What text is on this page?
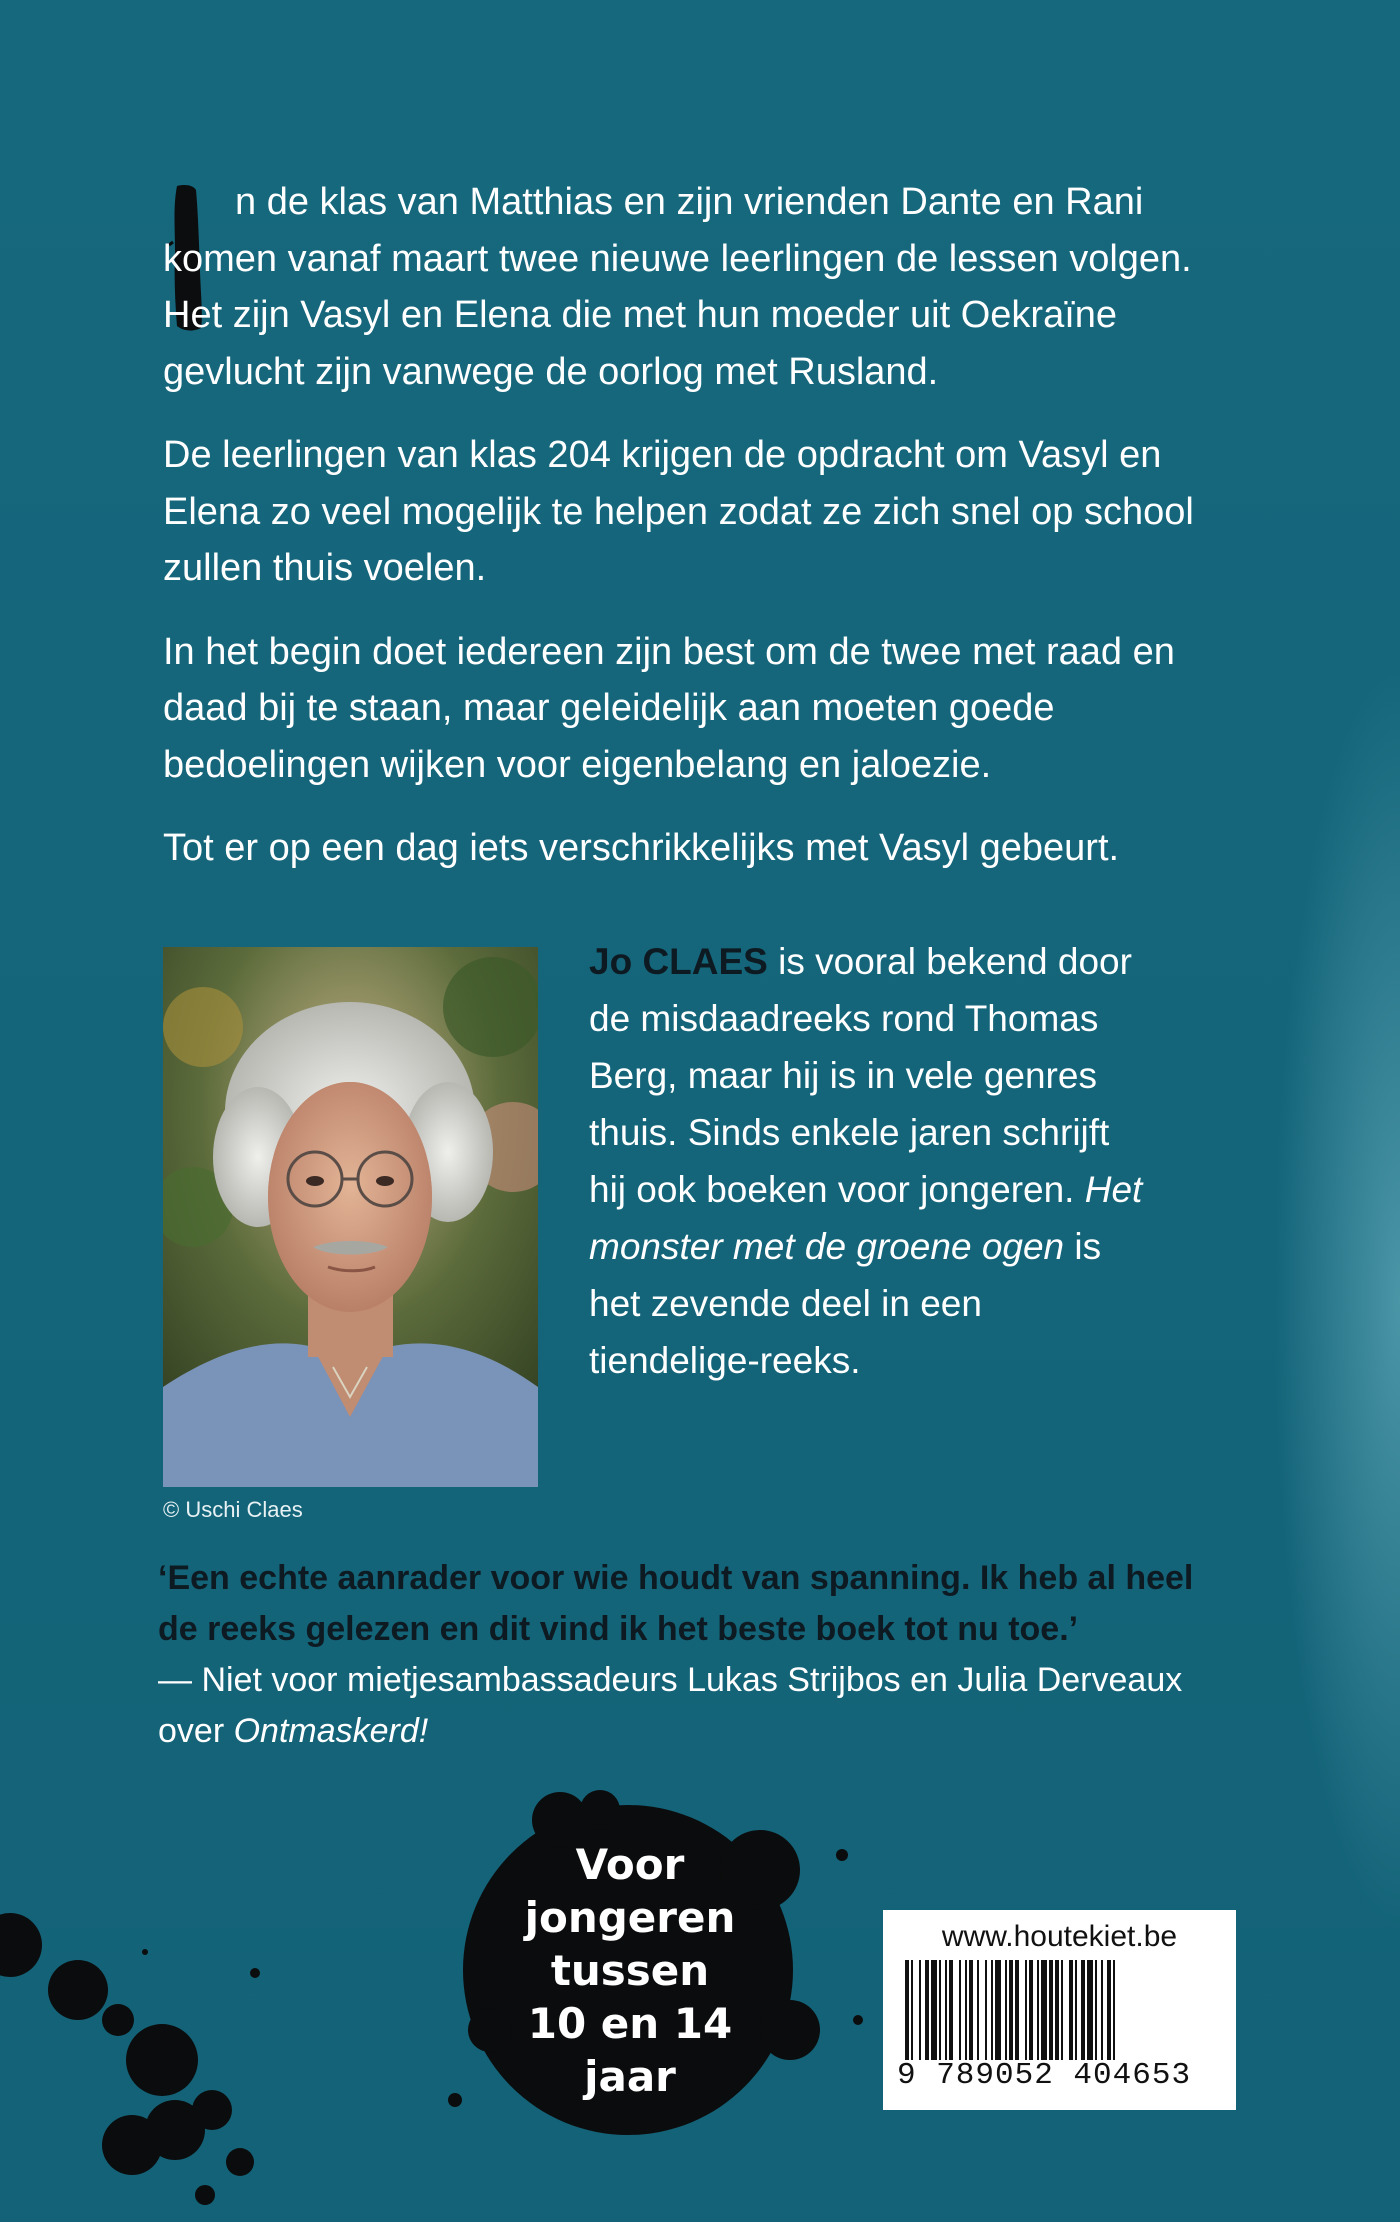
n de klas van Matthias en zijn vrienden Dante en Rani komen vanaf maart twee nieuwe leerlingen de lessen volgen. Het zijn Vasyl en Elena die met hun moeder uit Oekraïne gevlucht zijn vanwege de oorlog met Rusland.

De leerlingen van klas 204 krijgen de opdracht om Vasyl en Elena zo veel mogelijk te helpen zodat ze zich snel op school zullen thuis voelen.

In het begin doet iedereen zijn best om de twee met raad en daad bij te staan, maar geleidelijk aan moeten goede bedoelingen wijken voor eigenbelang en jaloezie.

Tot er op een dag iets verschrikkelijks met Vasyl gebeurt.

© Uschi Claes
Jo CLAES is vooral bekend door de misdaadreeks rond Thomas Berg, maar hij is in vele genres thuis. Sinds enkele jaren schrijft hij ook boeken voor jongeren. Het monster met de groene ogen is het zevende deel in een tiendelige-reeks.
‘Een echte aanrader voor wie houdt van spanning. Ik heb al heel de reeks gelezen en dit vind ik het beste boek tot nu toe.’
— Niet voor mietjesambassadeurs Lukas Strijbos en Julia Derveaux over Ontmaskerd!
Voor
jongeren
tussen
10 en 14
jaar
www.houtekiet.be
9 789052 404653
